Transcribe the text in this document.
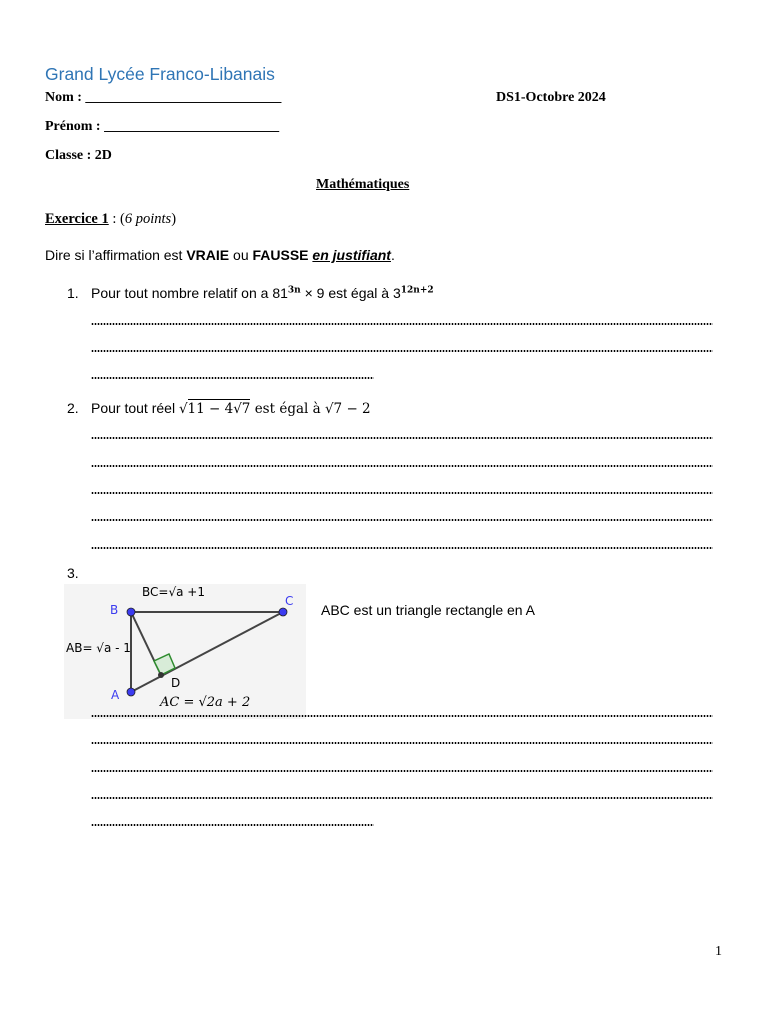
Grand Lycée Franco-Libanais
Nom : ____________________________	DS1-Octobre 2024
Prénom : _________________________
Classe : 2D
Mathématiques
Exercice 1 : (6 points)
Dire si l’affirmation est VRAIE ou FAUSSE en justifiant.
1. Pour tout nombre relatif on a $81^{3n} \times 9$ est égal à $3^{12n+2}$
2. Pour tout réel √11 − 4√7 est égal à √7 − 2
3.
BC=√a +1
B
C
AB= √a - 1
A
D
AC = √2a + 2
ABC est un triangle rectangle en A
1
